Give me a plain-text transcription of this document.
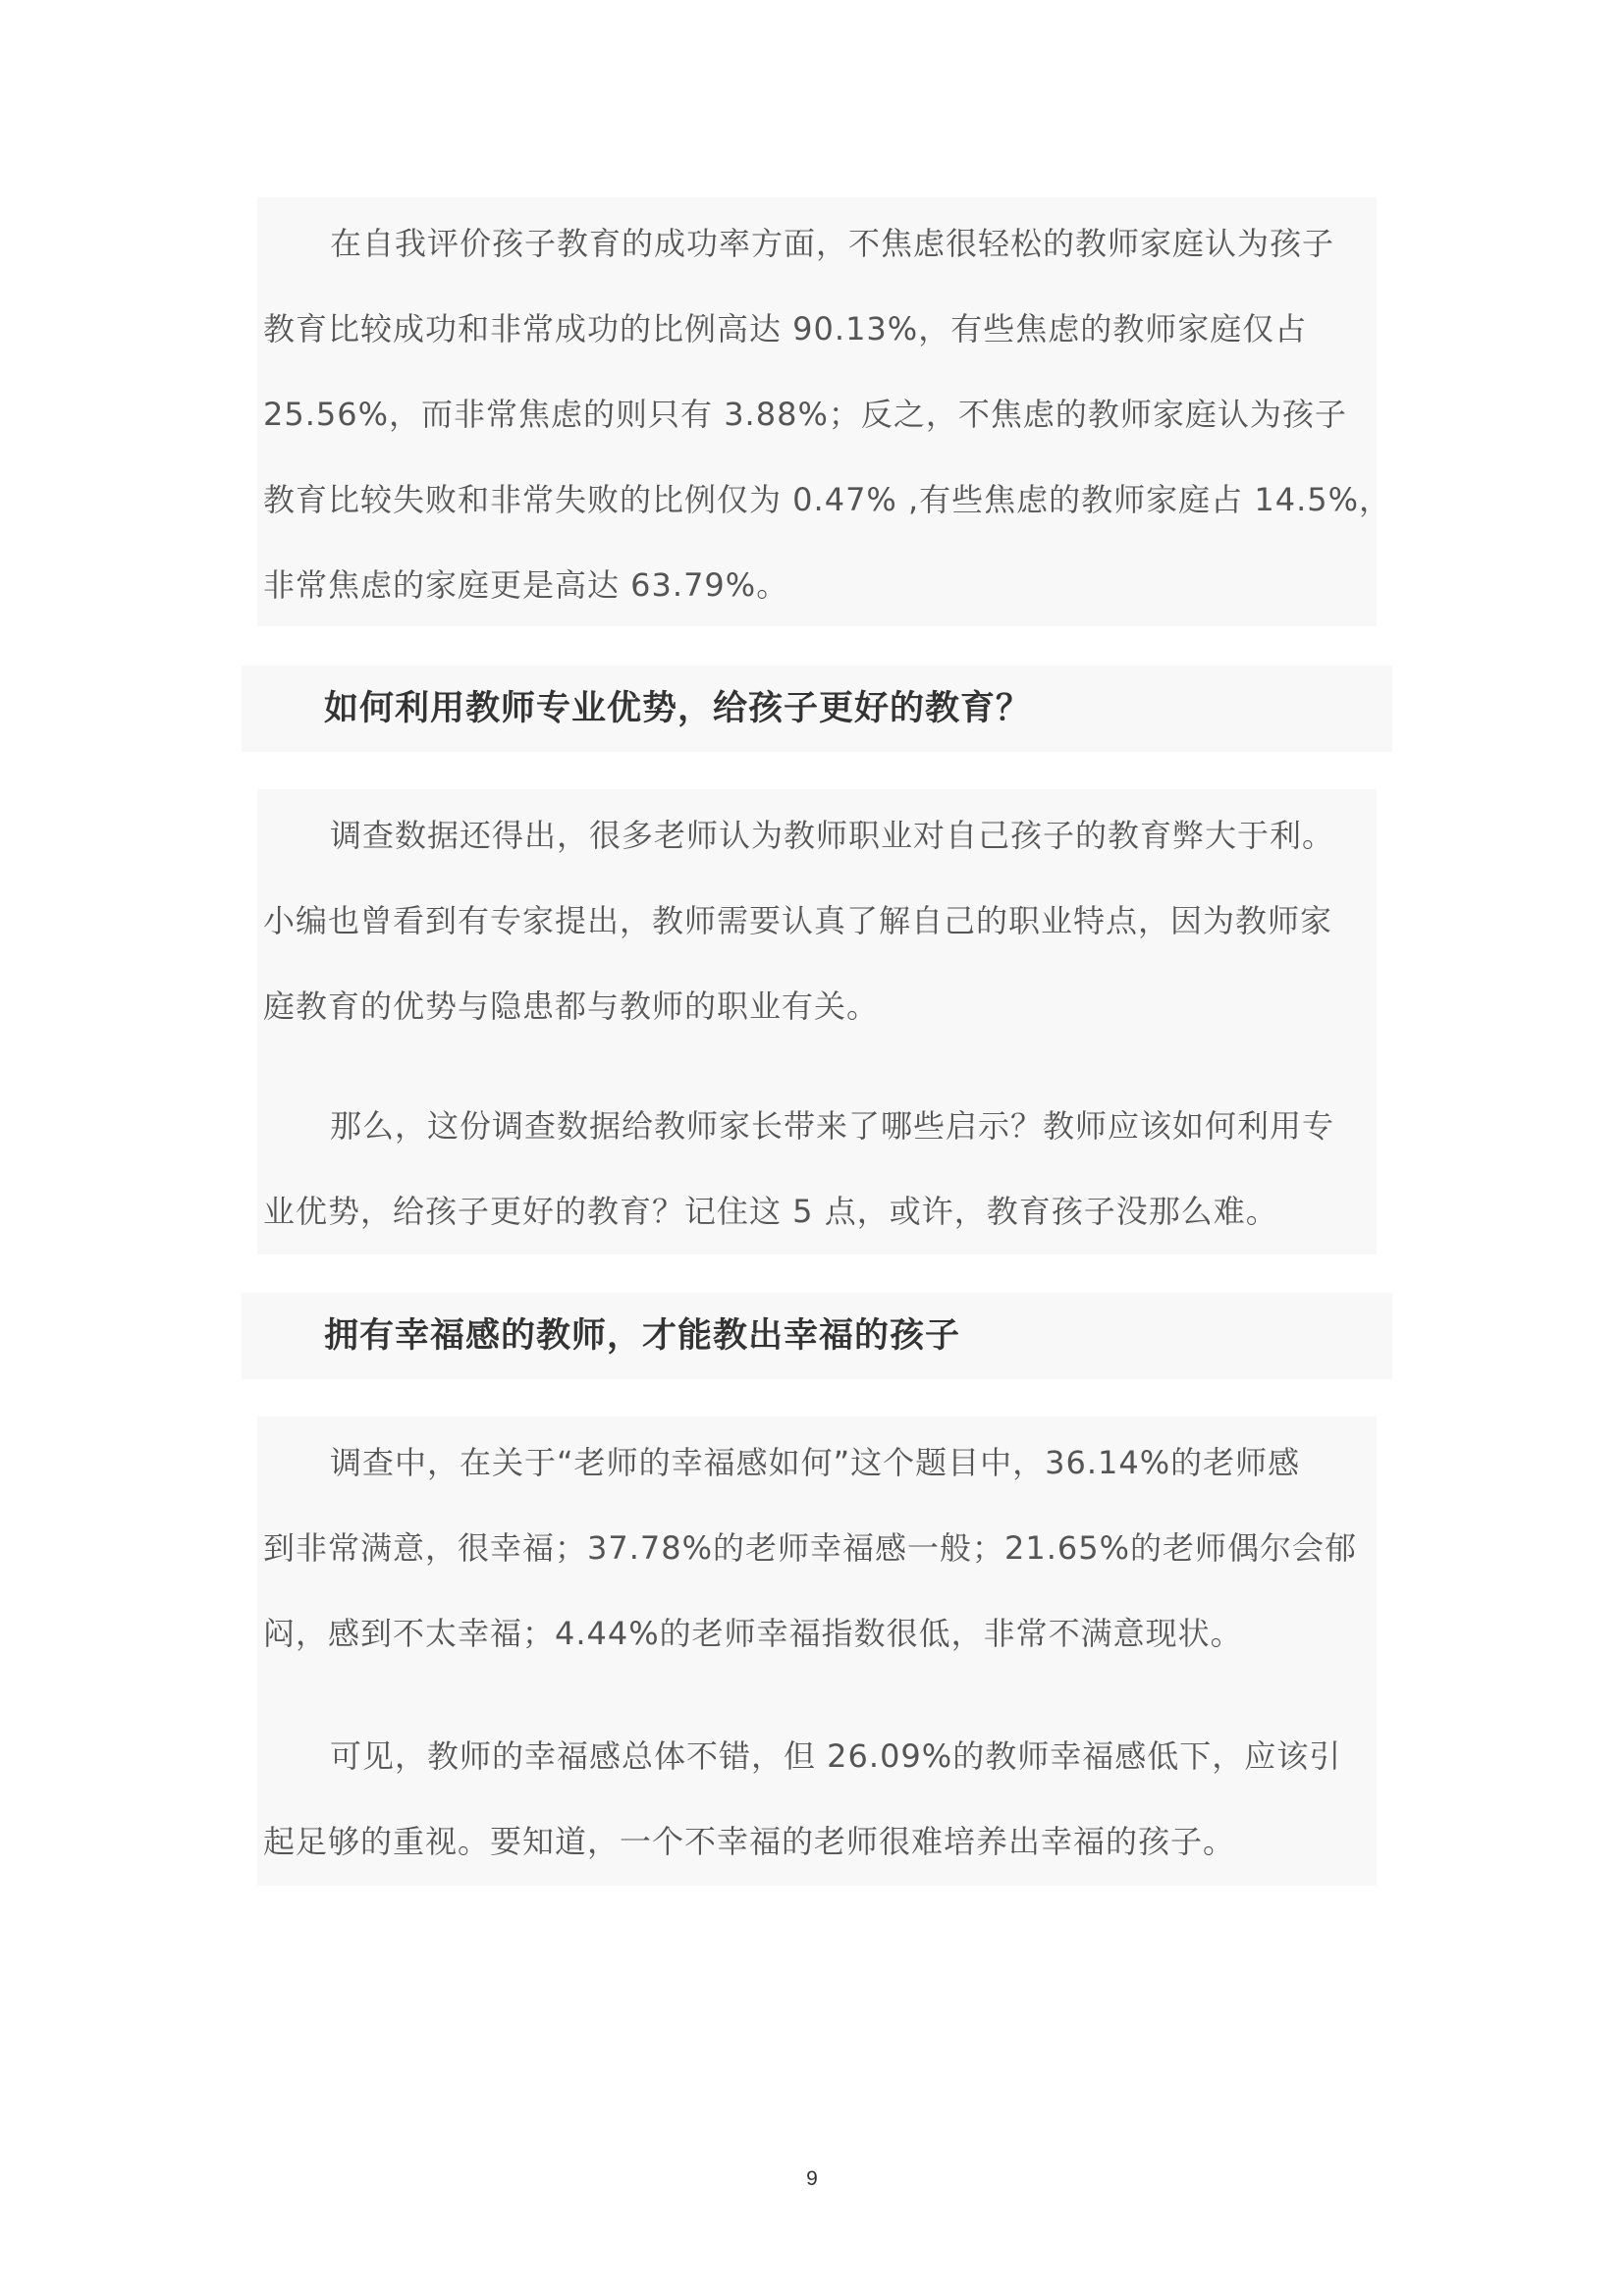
在自我评价孩子教育的成功率方面，不焦虑很轻松的教师家庭认为孩子
教育比较成功和非常成功的比例高达 90.13%，有些焦虑的教师家庭仅占
25.56%，而非常焦虑的则只有 3.88%；反之，不焦虑的教师家庭认为孩子
教育比较失败和非常失败的比例仅为 0.47% ,有些焦虑的教师家庭占 14.5%，
非常焦虑的家庭更是高达 63.79%。
如何利用教师专业优势，给孩子更好的教育？
调查数据还得出，很多老师认为教师职业对自己孩子的教育弊大于利。
小编也曾看到有专家提出，教师需要认真了解自己的职业特点，因为教师家
庭教育的优势与隐患都与教师的职业有关。
那么，这份调查数据给教师家长带来了哪些启示？教师应该如何利用专
业优势，给孩子更好的教育？记住这 5 点，或许，教育孩子没那么难。
拥有幸福感的教师，才能教出幸福的孩子
调查中，在关于“老师的幸福感如何”这个题目中，36.14%的老师感
到非常满意，很幸福；37.78%的老师幸福感一般；21.65%的老师偶尔会郁
闷，感到不太幸福；4.44%的老师幸福指数很低，非常不满意现状。
可见，教师的幸福感总体不错，但 26.09%的教师幸福感低下，应该引
起足够的重视。要知道，一个不幸福的老师很难培养出幸福的孩子。
9
